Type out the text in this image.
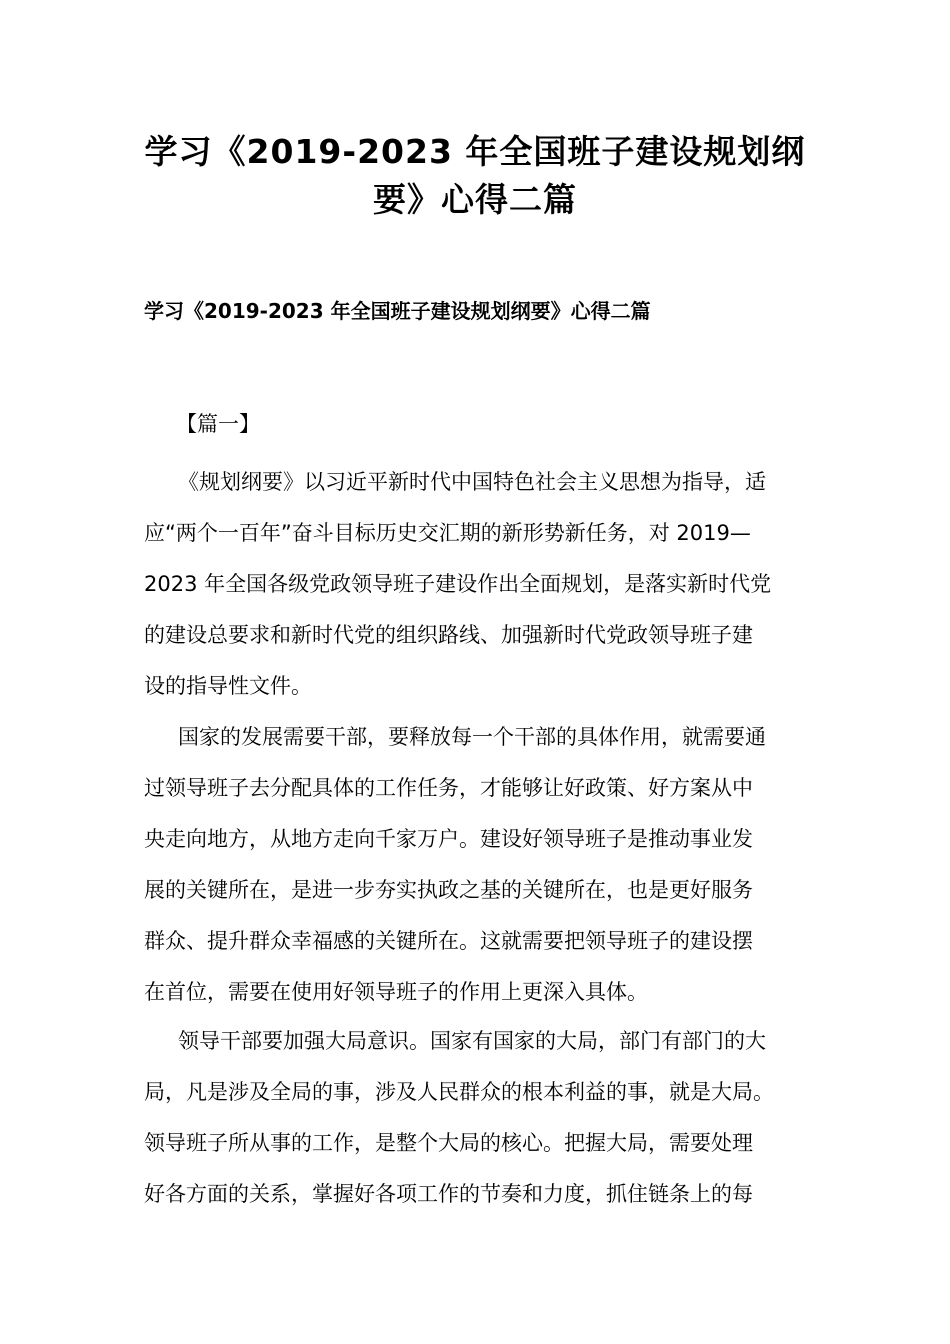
学习《2019-2023 年全国班子建设规划纲
要》心得二篇
学习《2019-2023 年全国班子建设规划纲要》心得二篇

【篇一】

《规划纲要》以习近平新时代中国特色社会主义思想为指导，适
应“两个一百年”奋斗目标历史交汇期的新形势新任务，对 2019—
2023 年全国各级党政领导班子建设作出全面规划，是落实新时代党
的建设总要求和新时代党的组织路线、加强新时代党政领导班子建
设的指导性文件。

国家的发展需要干部，要释放每一个干部的具体作用，就需要通
过领导班子去分配具体的工作任务，才能够让好政策、好方案从中
央走向地方，从地方走向千家万户。建设好领导班子是推动事业发
展的关键所在，是进一步夯实执政之基的关键所在，也是更好服务
群众、提升群众幸福感的关键所在。这就需要把领导班子的建设摆
在首位，需要在使用好领导班子的作用上更深入具体。

领导干部要加强大局意识。国家有国家的大局，部门有部门的大
局，凡是涉及全局的事，涉及人民群众的根本利益的事，就是大局。
领导班子所从事的工作，是整个大局的核心。把握大局，需要处理
好各方面的关系，掌握好各项工作的节奏和力度，抓住链条上的每
